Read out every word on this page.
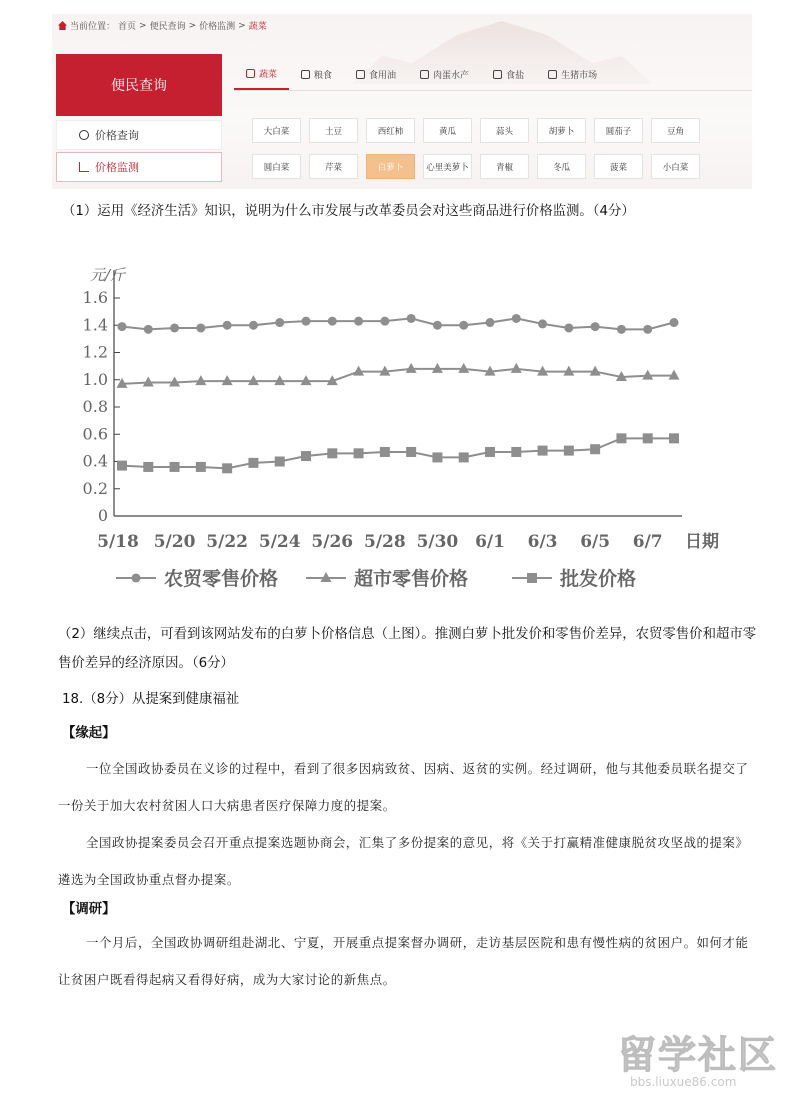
当前位置： 首页 > 便民查询 > 价格监测 > 蔬菜
便民查询
价格查询
价格监测
蔬菜	粮食	食用油	肉蛋水产	食盐	生猪市场
大白菜	土豆	西红柿	黄瓜	蒜头	胡萝卜	圆茄子	豆角
圆白菜	芹菜	白萝卜	心里美萝卜	青椒	冬瓜	菠菜	小白菜
（1）运用《经济生活》知识，说明为什么市发展与改革委员会对这些商品进行价格监测。（4分）
0
0.2
0.4
0.6
0.8
1.0
1.2
1.4
1.6
元/斤
5/18 5/20 5/22 5/24 5/26 5/28 5/30 6/1 6/3 6/5 6/7 日期
农贸零售价格	超市零售价格	批发价格
（2）继续点击，可看到该网站发布的白萝卜价格信息（上图）。推测白萝卜批发价和零售价差异，农贸零售价和超市零售价差异的经济原因。（6分）
18.（8分）从提案到健康福祉
【缘起】
一位全国政协委员在义诊的过程中，看到了很多因病致贫、因病、返贫的实例。经过调研，他与其他委员联名提交了一份关于加大农村贫困人口大病患者医疗保障力度的提案。
全国政协提案委员会召开重点提案选题协商会，汇集了多份提案的意见，将《关于打赢精准健康脱贫攻坚战的提案》遴选为全国政协重点督办提案。
【调研】
一个月后，全国政协调研组赴湖北、宁夏，开展重点提案督办调研，走访基层医院和患有慢性病的贫困户。如何才能让贫困户既看得起病又看得好病，成为大家讨论的新焦点。
留学社区
bbs.liuxue86.com
